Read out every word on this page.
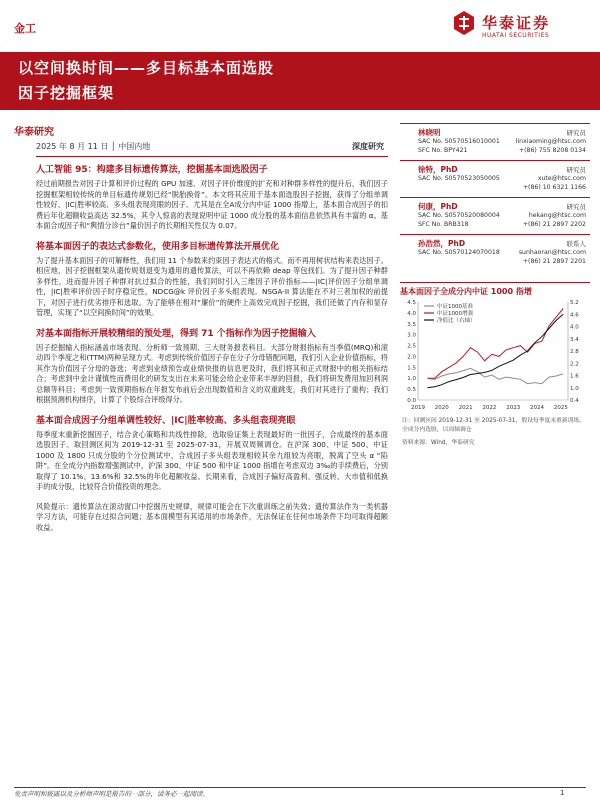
金工	华泰证券
HUATAI SECURITIES
以空间换时间——多目标基本面选股
因子挖掘框架
华泰研究
2025 年 8 月 11 日 │ 中国内地	深度研究
人工智能 95：构建多目标遗传算法，挖掘基本面选股因子
经过前期报告对因子计算和评价过程的 GPU 加速、对因子评价维度的扩充和对种群多样性的提升后，我们因子挖掘框架相较传统的单目标遗传规划已经“脱胎换骨”。本文将其应用于基本面选股因子挖掘，获得了分组单调性较好、|IC|胜率较高、多头组表现亮眼的因子。尤其是在全A成分内中证 1000 指增上，基本面合成因子的扣费后年化超额收益高达 32.5%，其令人惊喜的表现说明中证 1000 成分股的基本面信息依然具有丰富的 α。基本面合成因子和“舆情分诊台”量价因子的长期相关性仅为 0.07。
将基本面因子的表达式参数化，使用多目标遗传算法开展优化
为了提升基本面因子的可解释性，我们用 11 个参数来约束因子表达式的格式。而不再用树状结构来表达因子。相应地，因子挖掘框架从遗传规划退变为通用的遗传算法，可以不再依赖 deap 等包找们。为了提升因子种群多样性，进而提升因子种群对抗过拟合的性能，我们同时引入三维因子评价指标——|IC|评价因子分组单调性，|IC|胜率评价因子时序稳定性，NDCG@k 评价因子多头组表现。NSGA-II 算法能在不对三者加权的前提下，对因子进行优劣排序和选取。为了能够在相对“廉价”的硬件上高效完成因子挖掘，我们还做了内存和显存管理，实现了“以空间换时间”的效果。
对基本面指标开展较精细的预处理，得到 71 个指标作为因子挖掘输入
因子挖掘输入指标涵盖市场表现、分析师一致预期、三大财务报表科目。大部分财报指标有当季值(MRQ)和滚动四个季度之和(TTM)两种呈现方式。考虑到传统价值因子存在分子分母错配问题，我们引入企业价值指标，将其作为价值因子分母的备选；考虑到业绩预告或业绩快报的信息更及时，我们将其和正式财报中的相关指标结合；考虑到中金计谨慎性而费用化的研发支出在未来可能会给企业带来丰厚的回报，我们将研发费用加回利润总额等科目；考虑到一致预期指标在年报发布前后会出现数值和含义的双重跳变，我们对其进行了重构；我们根据预测机构排序，计算了个股综合评级得分。
基本面合成因子分组单调性较好、|IC|胜率较高、多头组表现亮眼
每季度末重新挖掘因子，结合贪心策略和共线性排除，选取验证集上表现最好的一批因子，合成最终的基本面选股因子。取回测区间为 2019-12-31 至 2025-07-31，开展双周频调仓。在沪深 300、中证 500、中证 1000 及 1800 只成分股的个分位测试中，合成因子多头组表现相较其余九组较为亮眼，脱离了空头 α “陷阱”。在全成分内指数增强测试中，沪深 300、中证 500 和中证 1000 指增在考虑双边 3‰的手续费后，分别取得了 10.1%、13.6%和 32.5%的年化超额收益。长期来看，合成因子偏好高盈利、强反转、大市值和低换手的成分股，比较符合价值投资的理念。
风险提示：遗传算法在滚动窗口中挖掘历史规律，规律可能会在下次重训练之前失效；遗传算法作为一类机器学习方法，可能存在过拟合问题；基本面模型有其适用的市场条件，无法保证在任何市场条件下均可取得超额收益。
林晓明	研究员
SAC No. S0570516010001	linxiaoming@htsc.com
SFC No. BPY421	+(86) 755 8208 0134
徐特，PhD	研究员
SAC No. S0570523050005	xute@htsc.com
+(86) 10 6321 1166
何康，PhD	研究员
SAC No. S0570520080004	hekang@htsc.com
SFC No. BRB318	+(86) 21 2897 2202
孙浩然，PhD	联系人
SAC No. S0570124070018	sunhaoran@htsc.com
+(86) 21 2897 2201
基本面因子全成分内中证 1000 指增
0.0
0.5
1.0
1.5
2.0
2.5
3.0
3.5
4.0
4.5
0.4
1.0
1.6
2.2
2.8
3.4
4.0
4.6
5.2
2019 2020 2021 2022 2023 2024 2025
中证1000基准
中证1000增强
净值比（右轴）
注：回测区间 2019-12-31 至 2025-07-31，假设每季度末重新训练、全成分内选股，以周频调仓
资料来源：Wind，华泰研究
免责声明和披露以及分析师声明是报告的一部分，请务必一起阅读。	1
